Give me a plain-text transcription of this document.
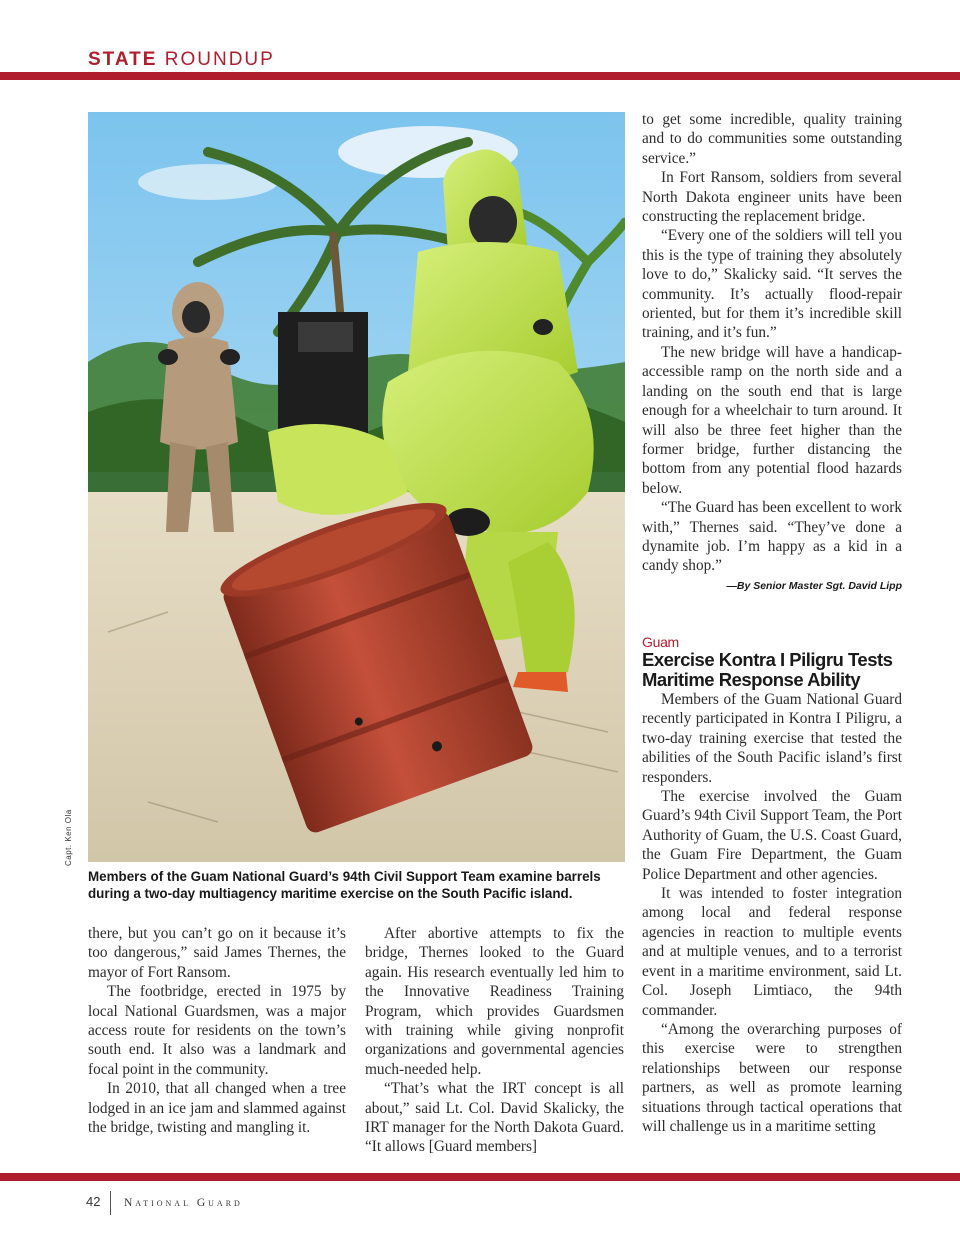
STATE ROUNDUP
Capt. Ken Ola
Members of the Guam National Guard’s 94th Civil Support Team examine barrels during a two-day multiagency maritime exercise on the South Pacific island.

there, but you can’t go on it because it’s too dangerous,” said James Thernes, the mayor of Fort Ransom.

The footbridge, erected in 1975 by local National Guardsmen, was a major access route for residents on the town’s south end. It also was a landmark and focal point in the community.

In 2010, that all changed when a tree lodged in an ice jam and slammed against the bridge, twisting and mangling it.

After abortive attempts to fix the bridge, Thernes looked to the Guard again. His research eventually led him to the Innovative Readiness Training Program, which provides Guardsmen with training while giving nonprofit organizations and governmental agencies much-needed help.

“That’s what the IRT concept is all about,” said Lt. Col. David Skalicky, the IRT manager for the North Dakota Guard. “It allows [Guard members]

to get some incredible, quality training and to do communities some outstanding service.”

In Fort Ransom, soldiers from several North Dakota engineer units have been constructing the replacement bridge.

“Every one of the soldiers will tell you this is the type of training they absolutely love to do,” Skalicky said. “It serves the community. It’s actually flood-repair oriented, but for them it’s incredible skill training, and it’s fun.”

The new bridge will have a handicap-accessible ramp on the north side and a landing on the south end that is large enough for a wheelchair to turn around. It will also be three feet higher than the former bridge, further distancing the bottom from any potential flood hazards below.

“The Guard has been excellent to work with,” Thernes said. “They’ve done a dynamite job. I’m happy as a kid in a candy shop.”

—By Senior Master Sgt. David Lipp
Guam
Exercise Kontra I Piligru Tests Maritime Response Ability

Members of the Guam National Guard recently participated in Kontra I Piligru, a two-day training exercise that tested the abilities of the South Pacific island’s first responders.

The exercise involved the Guam Guard’s 94th Civil Support Team, the Port Authority of Guam, the U.S. Coast Guard, the Guam Fire Department, the Guam Police Department and other agencies.

It was intended to foster integration among local and federal response agencies in reaction to multiple events and at multiple venues, and to a terrorist event in a maritime environment, said Lt. Col. Joseph Limtiaco, the 94th commander.

“Among the overarching purposes of this exercise were to strengthen relationships between our response partners, as well as promote learning situations through tactical operations that will challenge us in a maritime setting

42 National Guard
